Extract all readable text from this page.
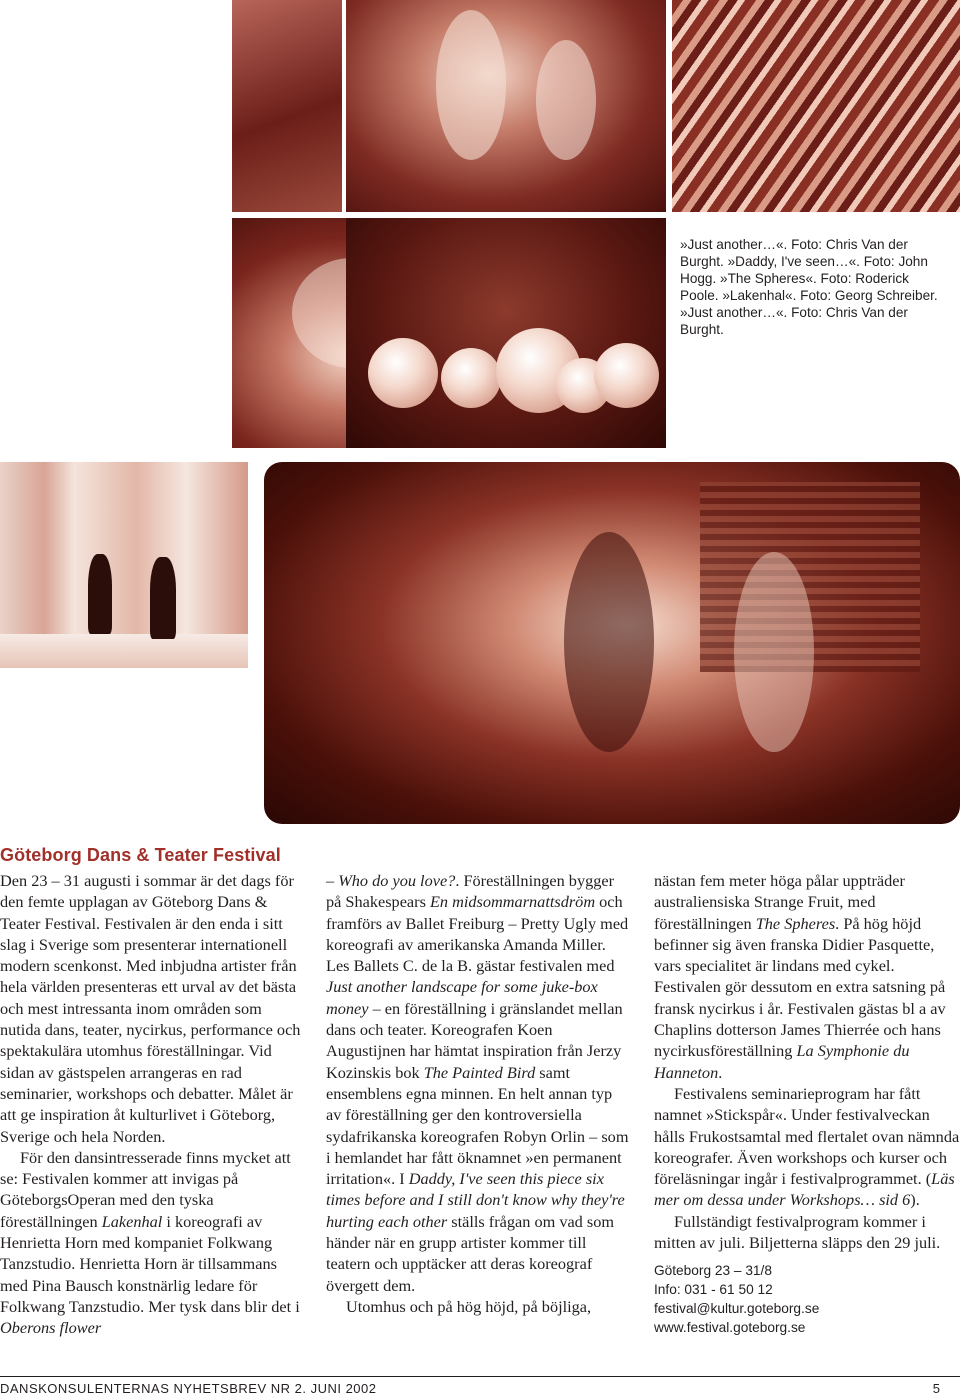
»Just another…«. Foto: Chris Van der Burght. »Daddy, I've seen…«. Foto: John Hogg. »The Spheres«. Foto: Roderick Poole. »Lakenhal«. Foto: Georg Schreiber. »Just another…«. Foto: Chris Van der Burght.
Göteborg Dans & Teater Festival

Den 23 – 31 augusti i sommar är det dags för den femte upplagan av Göteborg Dans & Teater Festival. Festivalen är den enda i sitt slag i Sverige som presenterar internationell modern scenkonst. Med inbjudna artister från hela världen presenteras ett urval av det bästa och mest intressanta inom områden som nutida dans, teater, nycirkus, performance och spektakulära utomhus föreställningar. Vid sidan av gästspelen arrangeras en rad seminarier, workshops och debatter. Målet är att ge inspiration åt kulturlivet i Göteborg, Sverige och hela Norden.

För den dansintresserade finns mycket att se: Festivalen kommer att invigas på GöteborgsOperan med den tyska föreställningen Lakenhal i koreografi av Henrietta Horn med kompaniet Folkwang Tanzstudio. Henrietta Horn är tillsammans med Pina Bausch konstnärlig ledare för Folkwang Tanzstudio. Mer tysk dans blir det i Oberons flower

– Who do you love?. Föreställningen bygger på Shakespears En midsommarnattsdröm och framförs av Ballet Freiburg – Pretty Ugly med koreografi av amerikanska Amanda Miller. Les Ballets C. de la B. gästar festivalen med Just another landscape for some juke-box money – en föreställning i gränslandet mellan dans och teater. Koreografen Koen Augustijnen har hämtat inspiration från Jerzy Kozinskis bok The Painted Bird samt ensemblens egna minnen. En helt annan typ av föreställning ger den kontroversiella sydafrikanska koreografen Robyn Orlin – som i hemlandet har fått öknamnet »en permanent irritation«. I Daddy, I've seen this piece six times before and I still don't know why they're hurting each other ställs frågan om vad som händer när en grupp artister kommer till teatern och upptäcker att deras koreograf övergett dem.

Utomhus och på hög höjd, på böjliga,

nästan fem meter höga pålar uppträder australiensiska Strange Fruit, med föreställningen The Spheres. På hög höjd befinner sig även franska Didier Pasquette, vars specialitet är lindans med cykel. Festivalen gör dessutom en extra satsning på fransk nycirkus i år. Festivalen gästas bl a av Chaplins dotterson James Thierrée och hans nycirkusföreställning La Symphonie du Hanneton.

Festivalens seminarieprogram har fått namnet »Stickspår«. Under festivalveckan hålls Frukostsamtal med flertalet ovan nämnda koreografer. Även workshops och kurser och föreläsningar ingår i festivalprogrammet. (Läs mer om dessa under Workshops… sid 6).

Fullständigt festivalprogram kommer i mitten av juli. Biljetterna släpps den 29 juli.

Göteborg 23 – 31/8
Info: 031 - 61 50 12
festival@kultur.goteborg.se
www.festival.goteborg.se
DANSKONSULENTERNAS NYHETSBREV NR 2. JUNI 2002	5
